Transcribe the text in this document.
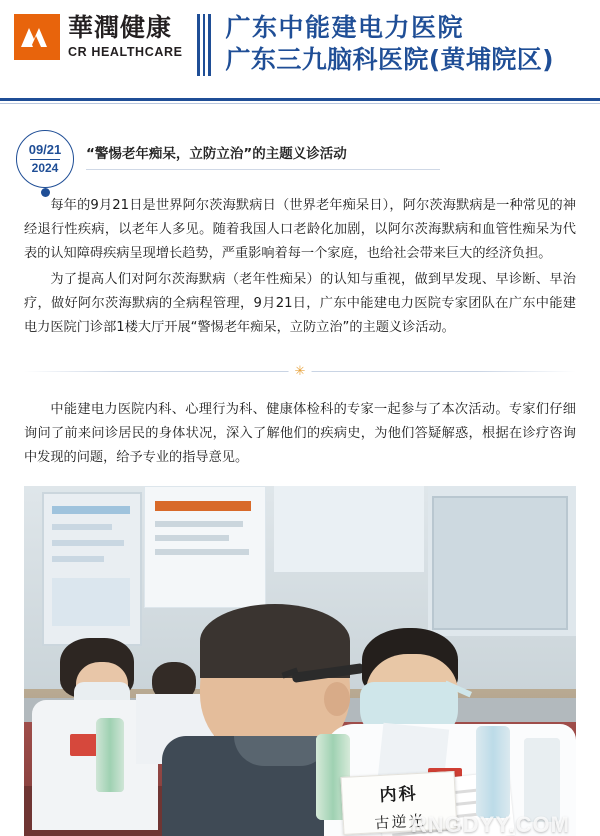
華潤健康
CR HEALTHCARE
广东中能建电力医院
广东三九脑科医院(黄埔院区)
09/21
2024
“警惕老年痴呆，立防立治”的主题义诊活动

每年的9月21日是世界阿尔茨海默病日（世界老年痴呆日），阿尔茨海默病是一种常见的神经退行性疾病，以老年人多见。随着我国人口老龄化加剧，以阿尔茨海默病和血管性痴呆为代表的认知障碍疾病呈现增长趋势，严重影响着每一个家庭，也给社会带来巨大的经济负担。

为了提高人们对阿尔茨海默病（老年性痴呆）的认知与重视，做到早发现、早诊断、早治疗，做好阿尔茨海默病的全病程管理，9月21日，广东中能建电力医院专家团队在广东中能建电力医院门诊部1楼大厅开展“警惕老年痴呆，立防立治”的主题义诊活动。

✳

中能建电力医院内科、心理行为科、健康体检科的专家一起参与了本次活动。专家们仔细询问了前来问诊居民的身体状况，深入了解他们的疾病史，为他们答疑解惑，根据在诊疗咨询中发现的问题，给予专业的指导意见。

内科
古逆光
RNGDYY.COM
